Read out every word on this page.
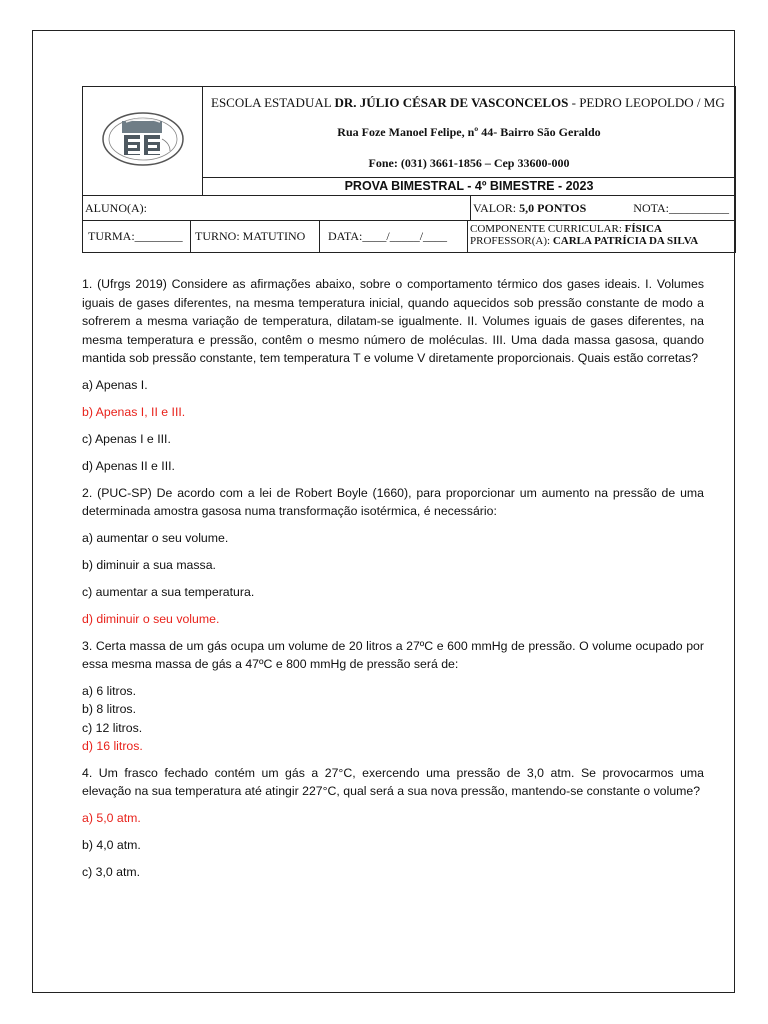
ESCOLA ESTADUAL DR. JÚLIO CÉSAR DE VASCONCELOS - PEDRO LEOPOLDO / MG
Rua Foze Manoel Felipe, nº 44- Bairro São Geraldo
Fone: (031) 3661-1856 – Cep 33600-000
PROVA BIMESTRAL - 4º BIMESTRE - 2023
ALUNO(A):	VALOR: 5,0 PONTOS	NOTA:__________
TURMA:________	TURNO: MATUTINO	DATA:____/_____/____	COMPONENTE CURRICULAR: FÍSICA
PROFESSOR(A): CARLA PATRÍCIA DA SILVA

1. (Ufrgs 2019) Considere as afirmações abaixo, sobre o comportamento térmico dos gases ideais. I. Volumes iguais de gases diferentes, na mesma temperatura inicial, quando aquecidos sob pressão constante de modo a sofrerem a mesma variação de temperatura, dilatam-se igualmente. II. Volumes iguais de gases diferentes, na mesma temperatura e pressão, contêm o mesmo número de moléculas. III. Uma dada massa gasosa, quando mantida sob pressão constante, tem temperatura T e volume V diretamente proporcionais. Quais estão corretas?

a) Apenas I.

b) Apenas I, II e III.

c) Apenas I e III.

d) Apenas II e III.

2. (PUC-SP) De acordo com a lei de Robert Boyle (1660), para proporcionar um aumento na pressão de uma determinada amostra gasosa numa transformação isotérmica, é necessário:

a) aumentar o seu volume.

b) diminuir a sua massa.

c) aumentar a sua temperatura.

d) diminuir o seu volume.

3. Certa massa de um gás ocupa um volume de 20 litros a 27ºC e 600 mmHg de pressão. O volume ocupado por essa mesma massa de gás a 47ºC e 800 mmHg de pressão será de:

a) 6 litros.

b) 8 litros.

c) 12 litros.

d) 16 litros.

4. Um frasco fechado contém um gás a 27°C, exercendo uma pressão de 3,0 atm. Se provocarmos uma elevação na sua temperatura até atingir 227°C, qual será a sua nova pressão, mantendo-se constante o volume?

a) 5,0 atm.

b) 4,0 atm.

c) 3,0 atm.
